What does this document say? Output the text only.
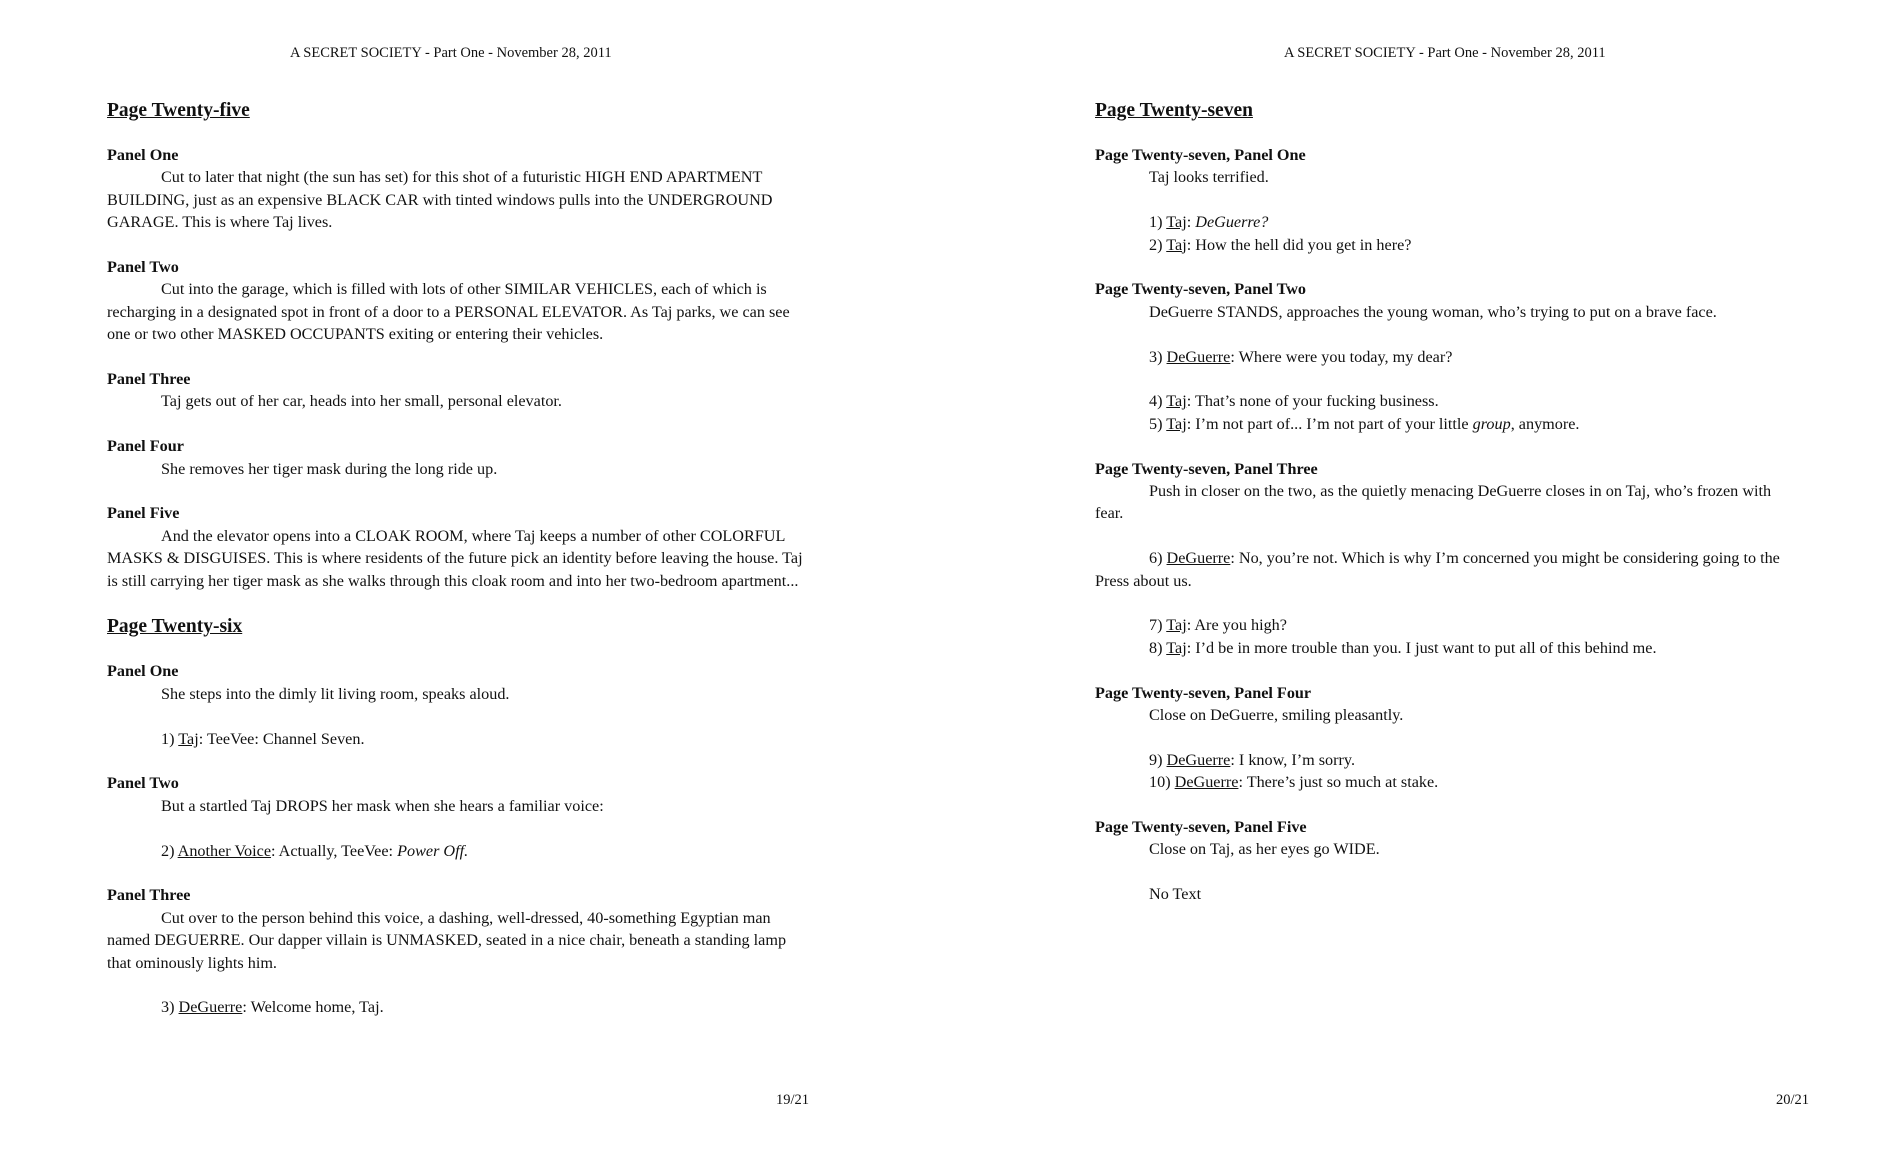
A SECRET SOCIETY - Part One - November 28, 2011
Page Twenty-five
Panel One

Cut to later that night (the sun has set) for this shot of a futuristic HIGH END APARTMENT BUILDING, just as an expensive BLACK CAR with tinted windows pulls into the UNDERGROUND GARAGE. This is where Taj lives.

Panel Two

Cut into the garage, which is filled with lots of other SIMILAR VEHICLES, each of which is recharging in a designated spot in front of a door to a PERSONAL ELEVATOR. As Taj parks, we can see one or two other MASKED OCCUPANTS exiting or entering their vehicles.

Panel Three

Taj gets out of her car, heads into her small, personal elevator.

Panel Four

She removes her tiger mask during the long ride up.

Panel Five

And the elevator opens into a CLOAK ROOM, where Taj keeps a number of other COLORFUL MASKS & DISGUISES. This is where residents of the future pick an identity before leaving the house. Taj is still carrying her tiger mask as she walks through this cloak room and into her two-bedroom apartment...

Page Twenty-six
Panel One

She steps into the dimly lit living room, speaks aloud.

1) Taj: TeeVee: Channel Seven.
Panel Two

But a startled Taj DROPS her mask when she hears a familiar voice:

2) Another Voice: Actually, TeeVee: Power Off.
Panel Three

Cut over to the person behind this voice, a dashing, well-dressed, 40-something Egyptian man named DEGUERRE. Our dapper villain is UNMASKED, seated in a nice chair, beneath a standing lamp that ominously lights him.

3) DeGuerre: Welcome home, Taj.
19/21
A SECRET SOCIETY - Part One - November 28, 2011
Page Twenty-seven
Page Twenty-seven, Panel One

Taj looks terrified.

1) Taj: DeGuerre?
2) Taj: How the hell did you get in here?
Page Twenty-seven, Panel Two

DeGuerre STANDS, approaches the young woman, who’s trying to put on a brave face.

3) DeGuerre: Where were you today, my dear?
4) Taj: That’s none of your fucking business.
5) Taj: I’m not part of... I’m not part of your little group, anymore.
Page Twenty-seven, Panel Three

Push in closer on the two, as the quietly menacing DeGuerre closes in on Taj, who’s frozen with fear.

6) DeGuerre: No, you’re not. Which is why I’m concerned you might be considering going to the Press about us.
7) Taj: Are you high?
8) Taj: I’d be in more trouble than you. I just want to put all of this behind me.
Page Twenty-seven, Panel Four

Close on DeGuerre, smiling pleasantly.

9) DeGuerre: I know, I’m sorry.
10) DeGuerre: There’s just so much at stake.
Page Twenty-seven, Panel Five

Close on Taj, as her eyes go WIDE.

No Text
20/21
